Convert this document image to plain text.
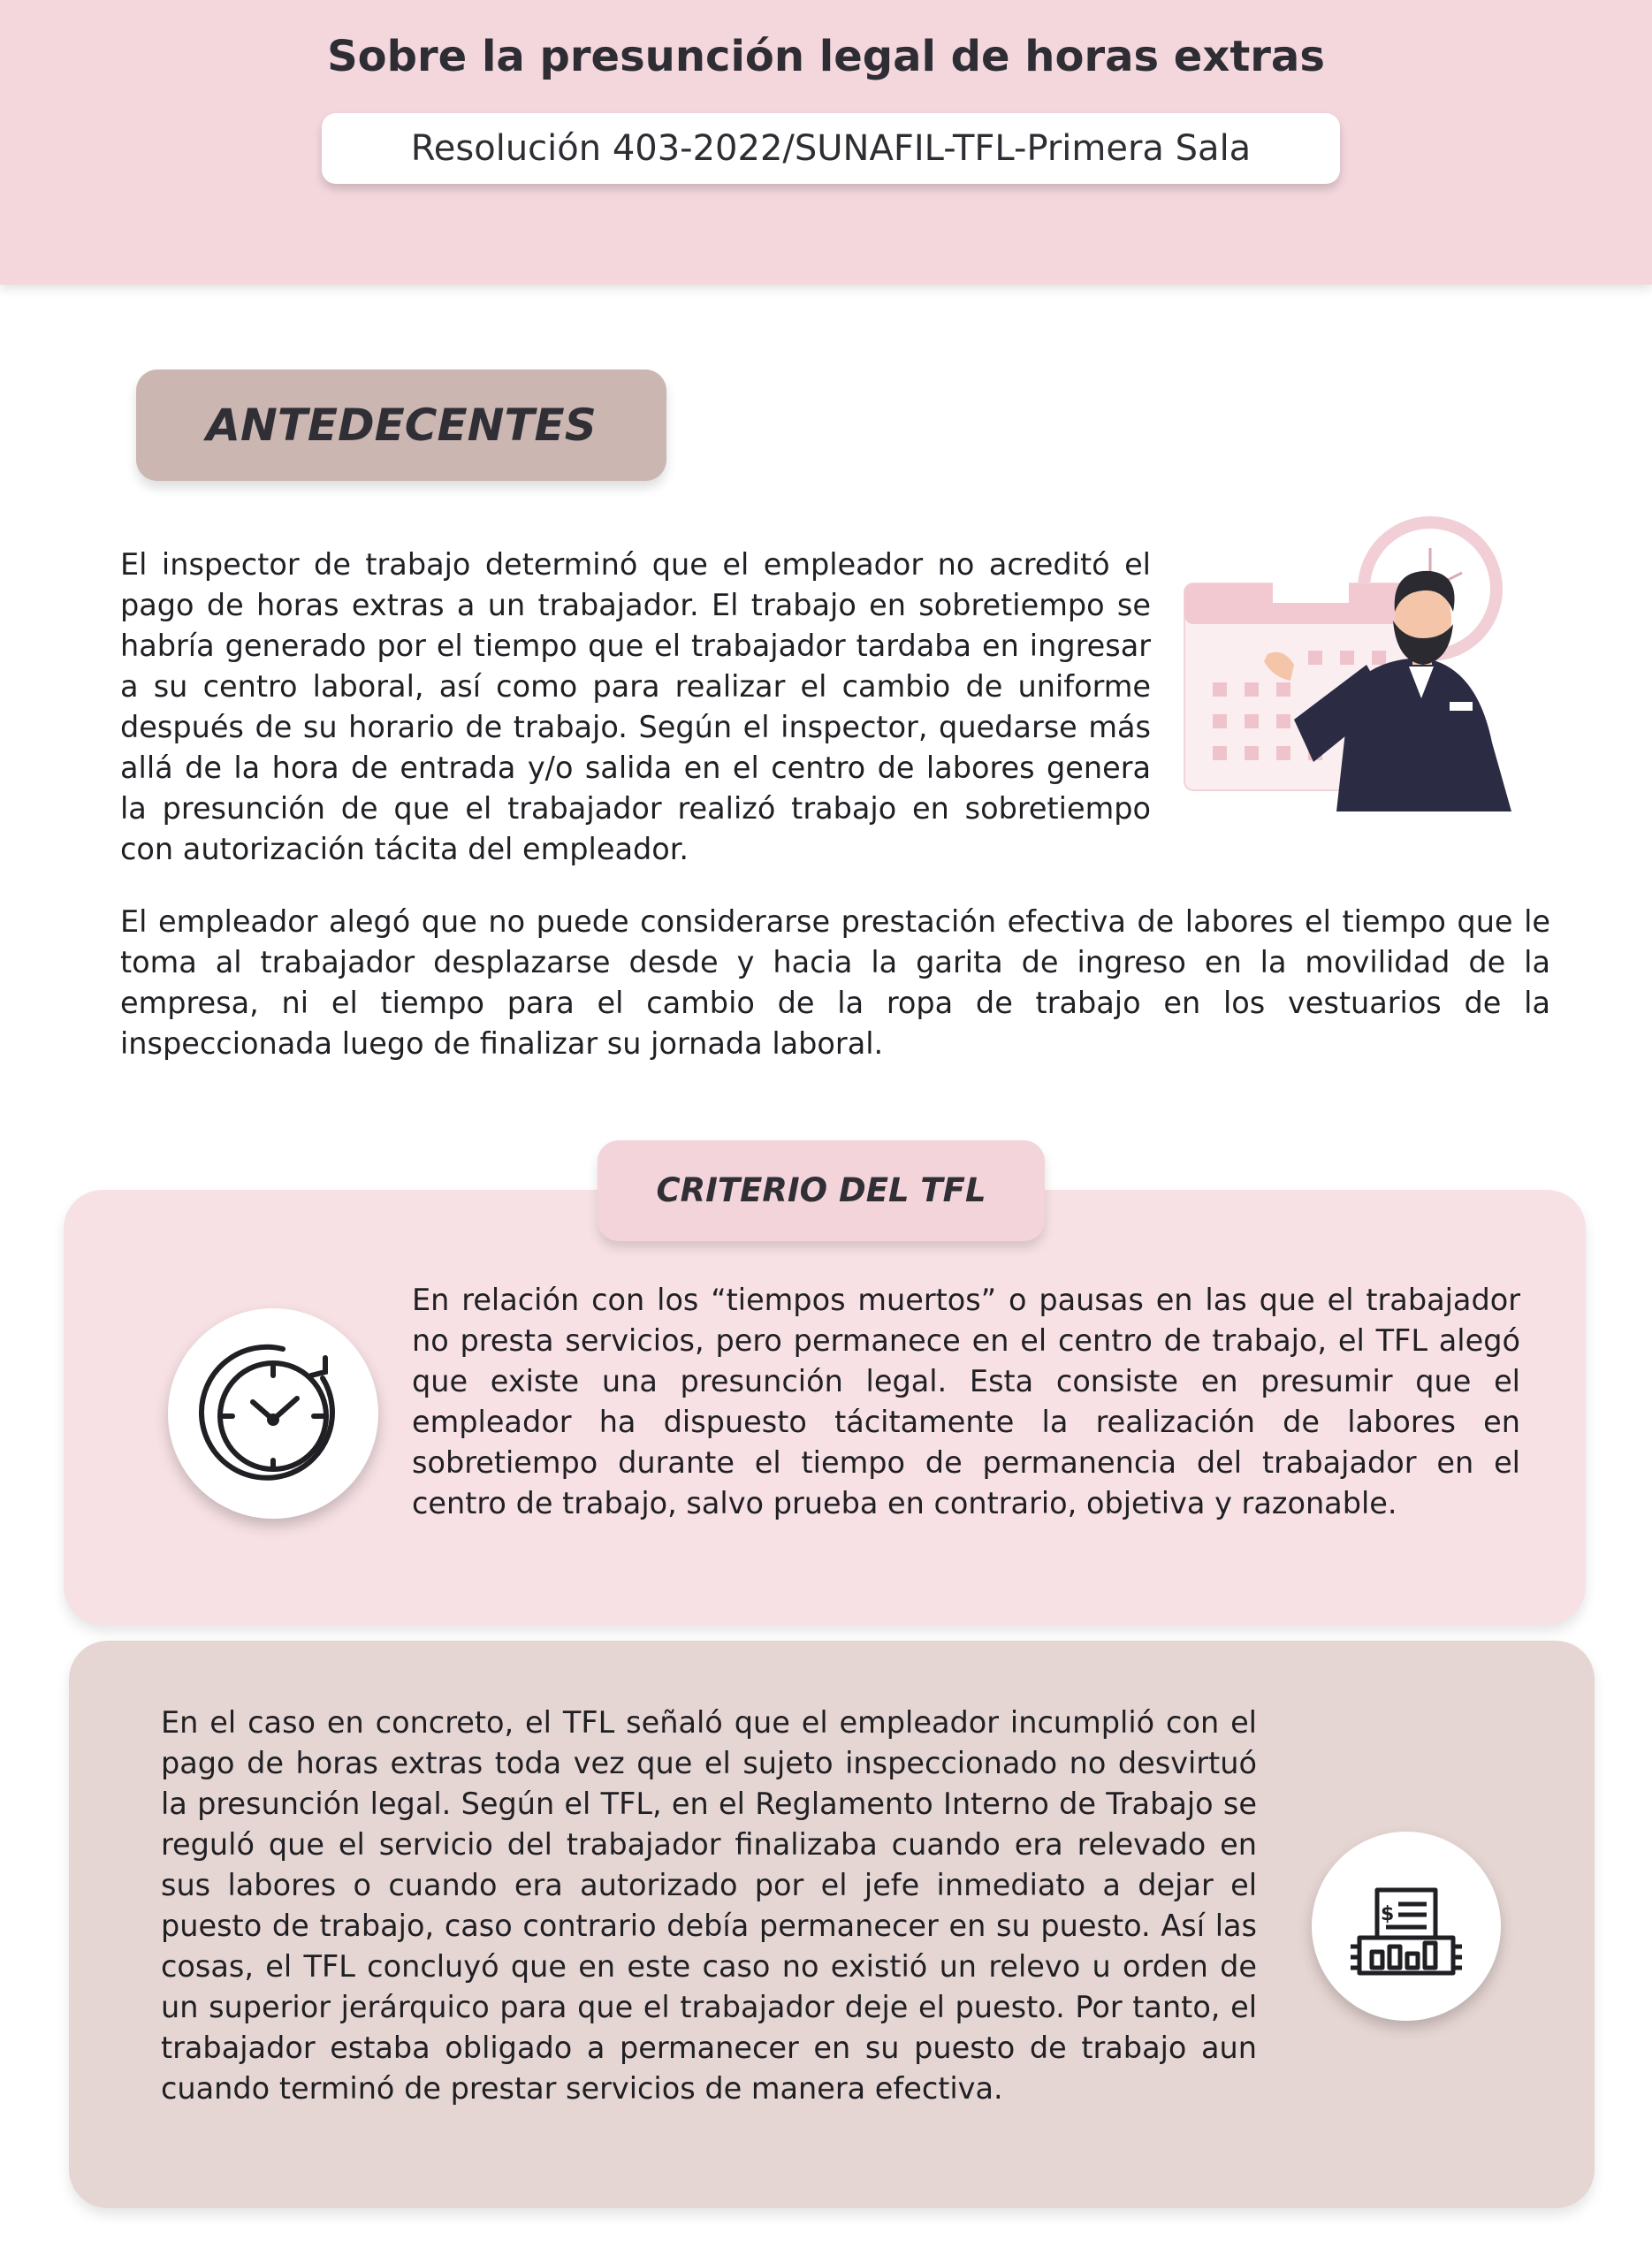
Sobre la presunción legal de horas extras
Resolución 403-2022/SUNAFIL-TFL-Primera Sala
ANTEDECENTES

El inspector de trabajo determinó que el empleador no acreditó el pago de horas extras a un trabajador. El trabajo en sobretiempo se habría generado por el tiempo que el trabajador tardaba en ingresar a su centro laboral, así como para realizar el cambio de uniforme después de su horario de trabajo. Según el inspector, quedarse más allá de la hora de entrada y/o salida en el centro de labores genera la presunción de que el trabajador realizó trabajo en sobretiempo con autorización tácita del empleador.

El empleador alegó que no puede considerarse prestación efectiva de labores el tiempo que le toma al trabajador desplazarse desde y hacia la garita de ingreso en la movilidad de la empresa, ni el tiempo para el cambio de la ropa de trabajo en los vestuarios de la inspeccionada luego de finalizar su jornada laboral.

CRITERIO DEL TFL

En relación con los “tiempos muertos” o pausas en las que el trabajador no presta servicios, pero permanece en el centro de trabajo, el TFL alegó que existe una presunción legal. Esta consiste en presumir que el empleador ha dispuesto tácitamente la realización de labores en sobretiempo durante el tiempo de permanencia del trabajador en el centro de trabajo, salvo prueba en contrario, objetiva y razonable.

En el caso en concreto, el TFL señaló que el empleador incumplió con el pago de horas extras toda vez que el sujeto inspeccionado no desvirtuó la presunción legal. Según el TFL, en el Reglamento Interno de Trabajo se reguló que el servicio del trabajador finalizaba cuando era relevado en sus labores o cuando era autorizado por el jefe inmediato a dejar el puesto de trabajo, caso contrario debía permanecer en su puesto. Así las cosas, el TFL concluyó que en este caso no existió un relevo u orden de un superior jerárquico para que el trabajador deje el puesto. Por tanto, el trabajador estaba obligado a permanecer en su puesto de trabajo aun cuando terminó de prestar servicios de manera efectiva.

$
